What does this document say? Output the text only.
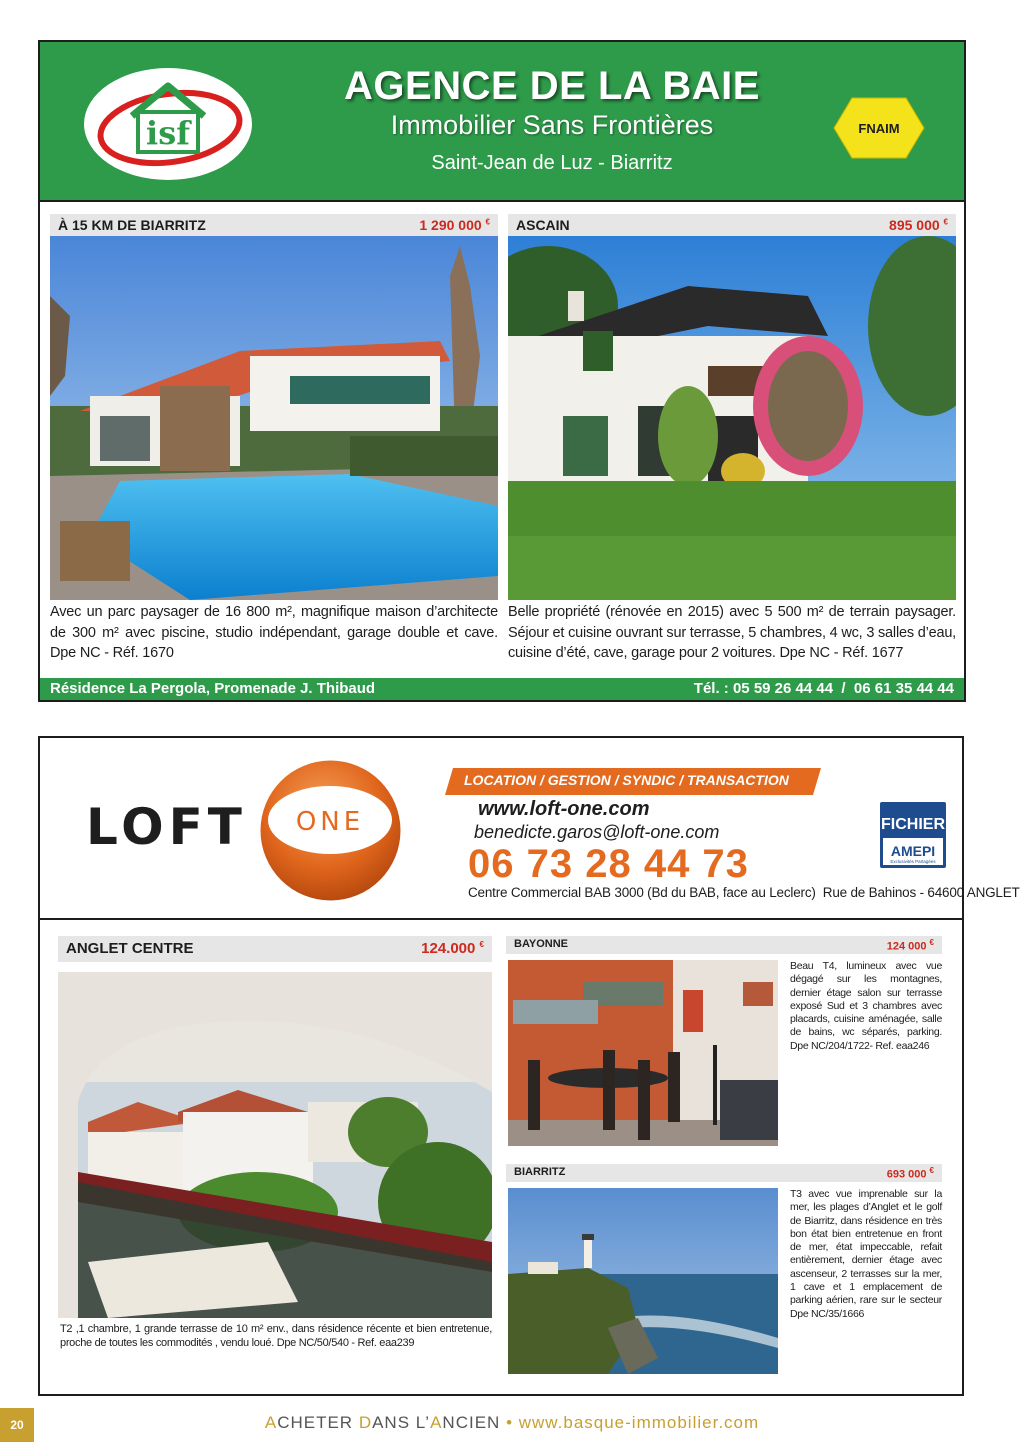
isf
AGENCE DE LA BAIE
Immobilier Sans Frontières
Saint-Jean de Luz - Biarritz
FNAIM
À 15 KM DE BIARRITZ	1 290 000 €
Avec un parc paysager de 16 800 m², magnifique maison d’architecte de 300 m² avec piscine, studio indépendant, garage double et cave. Dpe NC - Réf. 1670
ASCAIN	895 000 €
Belle propriété (rénovée en 2015) avec 5 500 m² de terrain paysager. Séjour et cuisine ouvrant sur terrasse, 5 chambres, 4 wc, 3 salles d’eau, cuisine d’été, cave, garage pour 2 voitures. Dpe NC - Réf. 1677
Résidence La Pergola, Promenade J. Thibaud	Tél. : 05 59 26 44 44  /  06 61 35 44 44
LOFT ONE
LOCATION / GESTION / SYNDIC / TRANSACTION
www.loft-one.com
benedicte.garos@loft-one.com
06 73 28 44 73
Centre Commercial BAB 3000 (Bd du BAB, face au Leclerc)  Rue de Bahinos - 64600 ANGLET
FICHIER
AMEPI
Exclusivités Partagées
ANGLET CENTRE	124.000 €
T2 ,1 chambre, 1 grande terrasse de 10 m² env., dans résidence récente et bien entretenue, proche de toutes les commodités , vendu loué. Dpe NC/50/540 - Ref. eaa239
BAYONNE	124 000 €
Beau T4, lumineux avec vue dégagé sur les montagnes, dernier étage salon sur terrasse exposé Sud et 3 chambres avec placards, cuisine aménagée, salle de bains, wc séparés, parking. Dpe NC/204/1722- Ref. eaa246
BIARRITZ	693 000 €
T3 avec vue imprenable sur la mer, les plages d’Anglet et le golf de Biarritz, dans résidence en très bon état bien entretenue en front de mer, état impeccable, refait entièrement, dernier étage avec ascenseur, 2 terrasses sur la mer, 1 cave et 1 emplacement de parking aérien, rare sur le secteur Dpe NC/35/1666
20	ACHETER DANS L’ANCIEN • www.basque-immobilier.com
